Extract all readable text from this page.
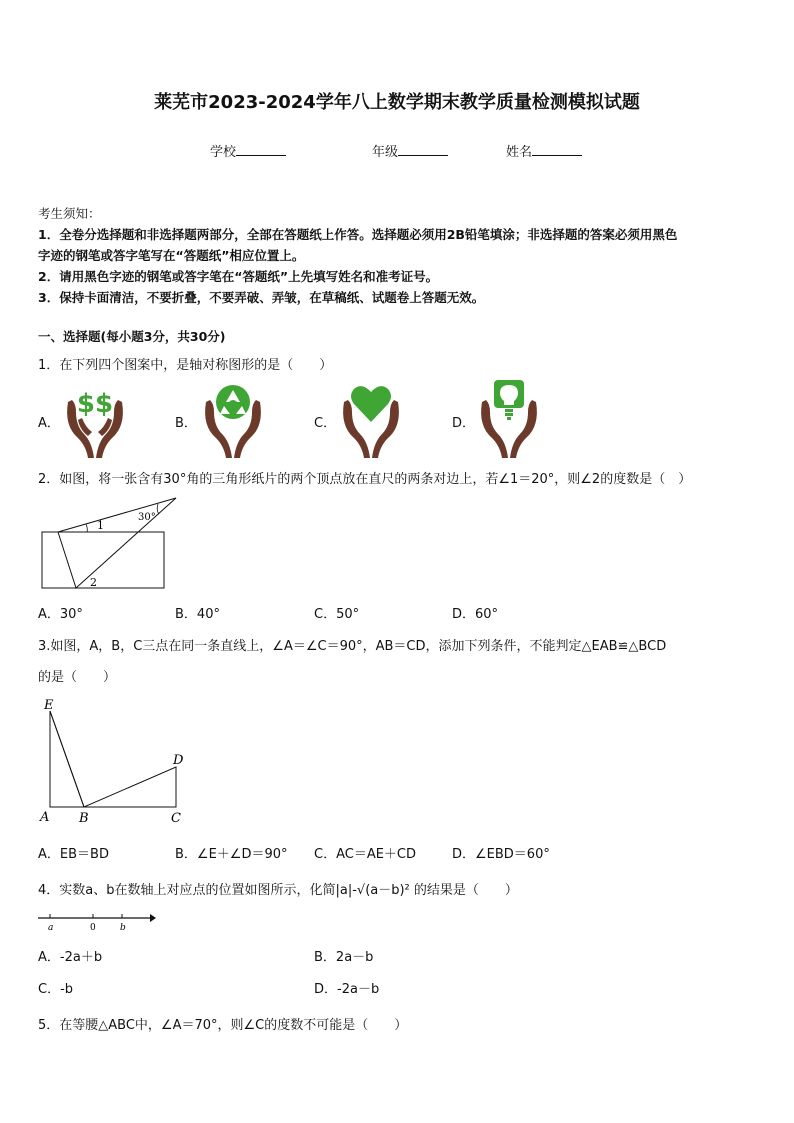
莱芜市2023-2024学年八上数学期末教学质量检测模拟试题
学校	年级	姓名
考生须知：
1．全卷分选择题和非选择题两部分，全部在答题纸上作答。选择题必须用2B铅笔填涂；非选择题的答案必须用黑色
字迹的钢笔或答字笔写在“答题纸”相应位置上。
2．请用黑色字迹的钢笔或答字笔在“答题纸”上先填写姓名和准考证号。
3．保持卡面清洁，不要折叠，不要弄破、弄皱，在草稿纸、试题卷上答题无效。
一、选择题(每小题3分，共30分)
1．在下列四个图案中，是轴对称图形的是（　　）
A．	B．	C．	D．
$$
2．如图，将一张含有30°角的三角形纸片的两个顶点放在直尺的两条对边上，若∠1＝20°，则∠2的度数是（　）
30°
1
2
A．30°	B．40°	C．50°	D．60°
3.如图，A，B，C三点在同一条直线上，∠A＝∠C＝90°，AB＝CD，添加下列条件，不能判定△EAB≌△BCD
的是（　　）
E
D
A B	C
A．EB＝BD	B．∠E＋∠D＝90° C．AC＝AE＋CD	D．∠EBD＝60°
4．实数a、b在数轴上对应点的位置如图所示，化简|a|-√(a－b)² 的结果是（　　）
a	0	b
A．-2a＋b	B．2a－b
C．-b	D．-2a－b
5．在等腰△ABC中，∠A＝70°，则∠C的度数不可能是（　　）
